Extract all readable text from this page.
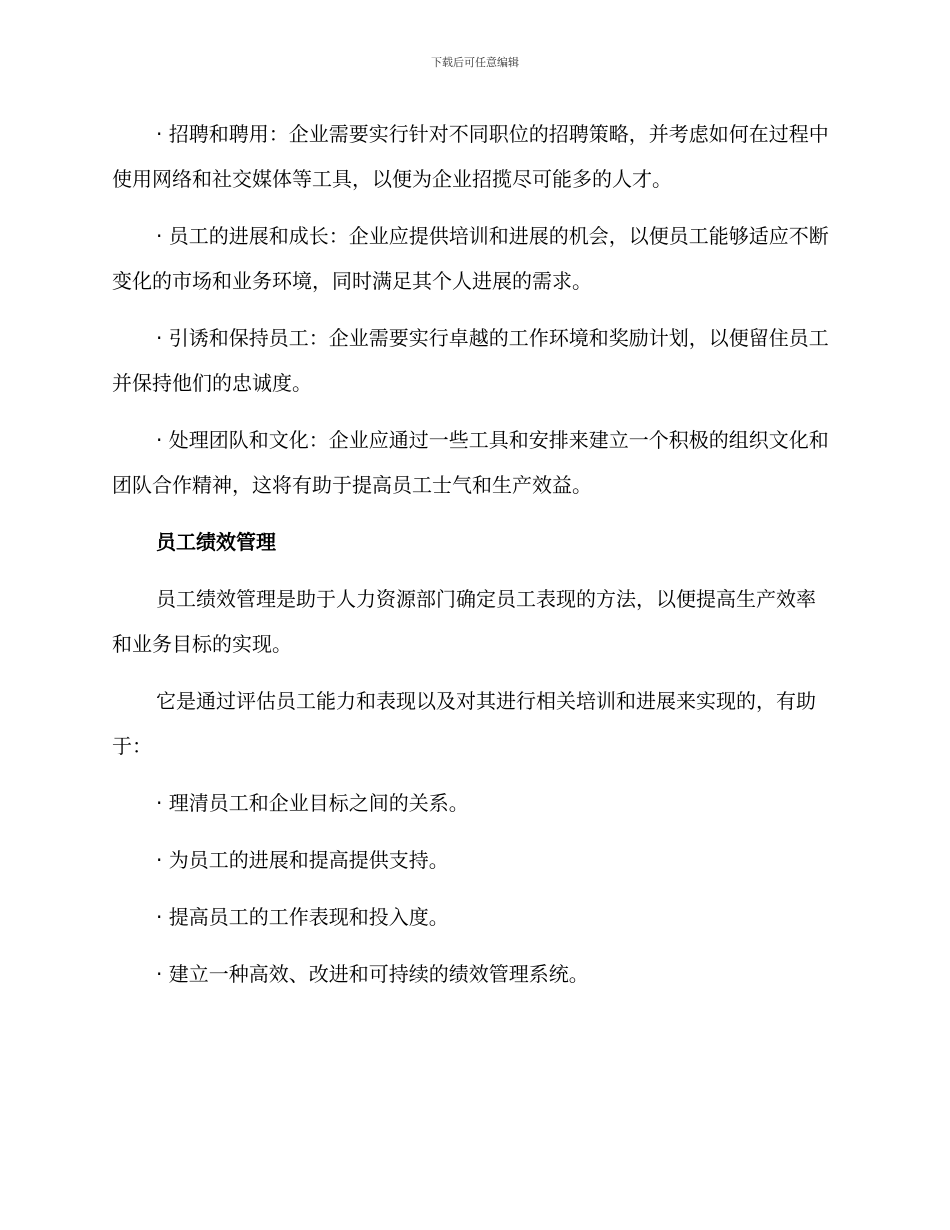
下载后可任意编辑

· 招聘和聘用：企业需要实行针对不同职位的招聘策略，并考虑如何在过程中使用网络和社交媒体等工具，以便为企业招揽尽可能多的人才。

· 员工的进展和成长：企业应提供培训和进展的机会，以便员工能够适应不断变化的市场和业务环境，同时满足其个人进展的需求。

· 引诱和保持员工：企业需要实行卓越的工作环境和奖励计划，以便留住员工并保持他们的忠诚度。

· 处理团队和文化：企业应通过一些工具和安排来建立一个积极的组织文化和团队合作精神，这将有助于提高员工士气和生产效益。

员工绩效管理

员工绩效管理是助于人力资源部门确定员工表现的方法，以便提高生产效率和业务目标的实现。

它是通过评估员工能力和表现以及对其进行相关培训和进展来实现的，有助于：

· 理清员工和企业目标之间的关系。

· 为员工的进展和提高提供支持。

· 提高员工的工作表现和投入度。

· 建立一种高效、改进和可持续的绩效管理系统。
